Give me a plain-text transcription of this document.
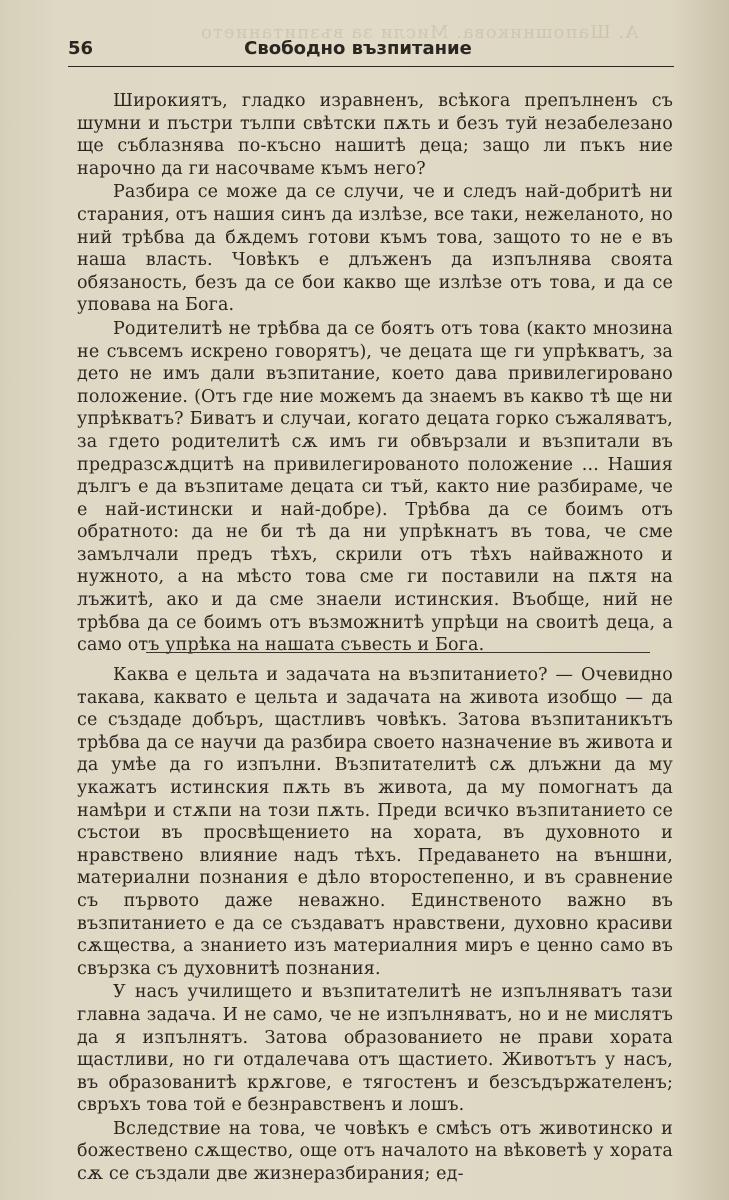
А. Шапошникова. Мисли за възпитанието
56	Свободно възпитание

Широкиятъ, гладко изравненъ, всѣкога препълненъ съ шумни и пъстри тълпи свѣтски пѫть и безъ туй незабелезано ще съблазнява по-късно нашитѣ деца; защо ли пъкъ ние нарочно да ги насочваме къмъ него?

Разбира се може да се случи, че и следъ най-добритѣ ни старания, отъ нашия синъ да излѣзе, все таки, нежеланото, но ний трѣбва да бѫдемъ готови къмъ това, защото то не е въ наша власть. Човѣкъ е длъженъ да изпълнява своята обязаность, безъ да се бои какво ще излѣзе отъ това, и да се уповава на Бога.

Родителитѣ не трѣбва да се боятъ отъ това (както мнозина не съвсемъ искрено говорятъ), че децата ще ги упрѣкватъ, за дето не имъ дали възпитание, което дава привилегировано положение. (Отъ где ние можемъ да знаемъ въ какво тѣ ще ни упрѣкватъ? Биватъ и случаи, когато децата горко съжаляватъ, за гдето родителитѣ сѫ имъ ги обвързали и възпитали въ предразсѫдцитѣ на привилегированото положение ... Нашия дългъ е да възпитаме децата си тъй, както ние разбираме, че е най-истински и най-добре). Трѣбва да се боимъ отъ обратното: да не би тѣ да ни упрѣкнатъ въ това, че сме замълчали предъ тѣхъ, скрили отъ тѣхъ найважното и нужното, а на мѣсто това сме ги поставили на пѫтя на лъжитѣ, ако и да сме знаели истинския. Въобще, ний не трѣбва да се боимъ отъ възможнитѣ упрѣци на своитѣ деца, а само отъ упрѣка на нашата съвесть и Бога.

Каква е цельта и задачата на възпитанието? — Очевидно такава, каквато е цельта и задачата на живота изобщо — да се създаде добъръ, щастливъ човѣкъ. Затова възпитаникътъ трѣбва да се научи да разбира своето назначение въ живота и да умѣе да го изпълни. Възпитателитѣ сѫ длъжни да му укажатъ истинския пѫть въ живота, да му помогнатъ да намѣри и стѫпи на този пѫть. Преди всичко възпитанието се състои въ просвѣщението на хората, въ духовното и нравствено влияние надъ тѣхъ. Предаването на външни, материални познания е дѣло второстепенно, и въ сравнение съ първото даже неважно. Единственото важно въ възпитанието е да се създаватъ нравствени, духовно красиви сѫщества, а знанието изъ материалния миръ е ценно само въ свързка съ духовнитѣ познания.

У насъ училището и възпитателитѣ не изпълняватъ тази главна задача. И не само, че не изпълняватъ, но и не мислятъ да я изпълнятъ. Затова образованието не прави хората щастливи, но ги отдалечава отъ щастието. Животътъ у насъ, въ образованитѣ крѫгове, е тягостенъ и безсъдържателенъ; свръхъ това той е безнравственъ и лошъ.

Вследствие на това, че човѣкъ е смѣсъ отъ животинско и божествено сѫщество, още отъ началото на вѣковетѣ у хората сѫ се създали две жизнеразбирания; ед-
